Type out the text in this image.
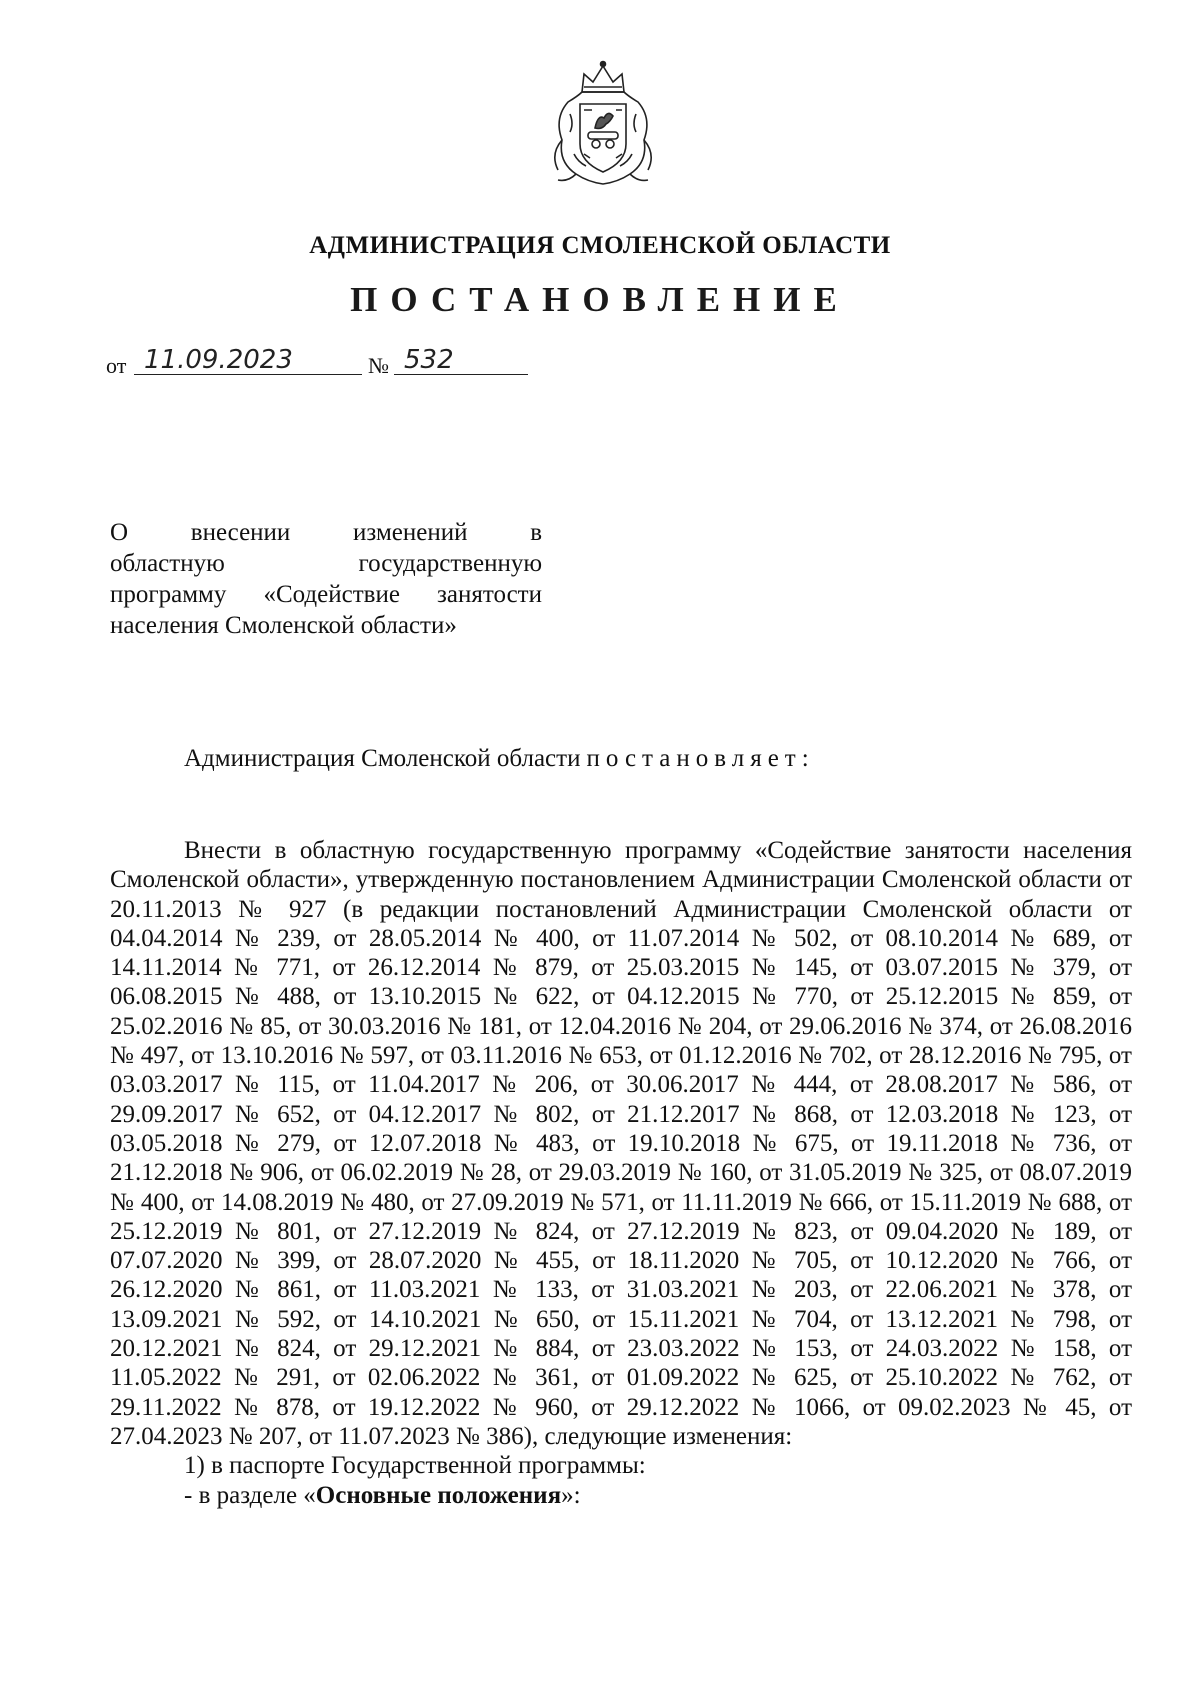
АДМИНИСТРАЦИЯ СМОЛЕНСКОЙ ОБЛАСТИ
ПОСТАНОВЛЕНИЕ
от 11.09.2023	№ 532

О внесении изменений в

областную государственную

программу «Содействие занятости

населения Смоленской области»

Администрация Смоленской области постановляет:

Внести в областную государственную программу «Содействие занятости населения Смоленской области», утвержденную постановлением Администрации Смоленской области от 20.11.2013 № 927 (в редакции постановлений Администрации Смоленской области от 04.04.2014 № 239, от 28.05.2014 № 400, от 11.07.2014 № 502, от 08.10.2014 № 689, от 14.11.2014 № 771, от 26.12.2014 № 879, от 25.03.2015 № 145, от 03.07.2015 № 379, от 06.08.2015 № 488, от 13.10.2015 № 622, от 04.12.2015 № 770, от 25.12.2015 № 859, от 25.02.2016 № 85, от 30.03.2016 № 181, от 12.04.2016 № 204, от 29.06.2016 № 374, от 26.08.2016 № 497, от 13.10.2016 № 597, от 03.11.2016 № 653, от 01.12.2016 № 702, от 28.12.2016 № 795, от 03.03.2017 № 115, от 11.04.2017 № 206, от 30.06.2017 № 444, от 28.08.2017 № 586, от 29.09.2017 № 652, от 04.12.2017 № 802, от 21.12.2017 № 868, от 12.03.2018 № 123, от 03.05.2018 № 279, от 12.07.2018 № 483, от 19.10.2018 № 675, от 19.11.2018 № 736, от 21.12.2018 № 906, от 06.02.2019 № 28, от 29.03.2019 № 160, от 31.05.2019 № 325, от 08.07.2019 № 400, от 14.08.2019 № 480, от 27.09.2019 № 571, от 11.11.2019 № 666, от 15.11.2019 № 688, от 25.12.2019 № 801, от 27.12.2019 № 824, от 27.12.2019 № 823, от 09.04.2020 № 189, от 07.07.2020 № 399, от 28.07.2020 № 455, от 18.11.2020 № 705, от 10.12.2020 № 766, от 26.12.2020 № 861, от 11.03.2021 № 133, от 31.03.2021 № 203, от 22.06.2021 № 378, от 13.09.2021 № 592, от 14.10.2021 № 650, от 15.11.2021 № 704, от 13.12.2021 № 798, от 20.12.2021 № 824, от 29.12.2021 № 884, от 23.03.2022 № 153, от 24.03.2022 № 158, от 11.05.2022 № 291, от 02.06.2022 № 361, от 01.09.2022 № 625, от 25.10.2022 № 762, от 29.11.2022 № 878, от 19.12.2022 № 960, от 29.12.2022 № 1066, от 09.02.2023 № 45, от 27.04.2023 № 207, от 11.07.2023 № 386), следующие изменения:

1) в паспорте Государственной программы:

- в разделе «Основные положения»:
